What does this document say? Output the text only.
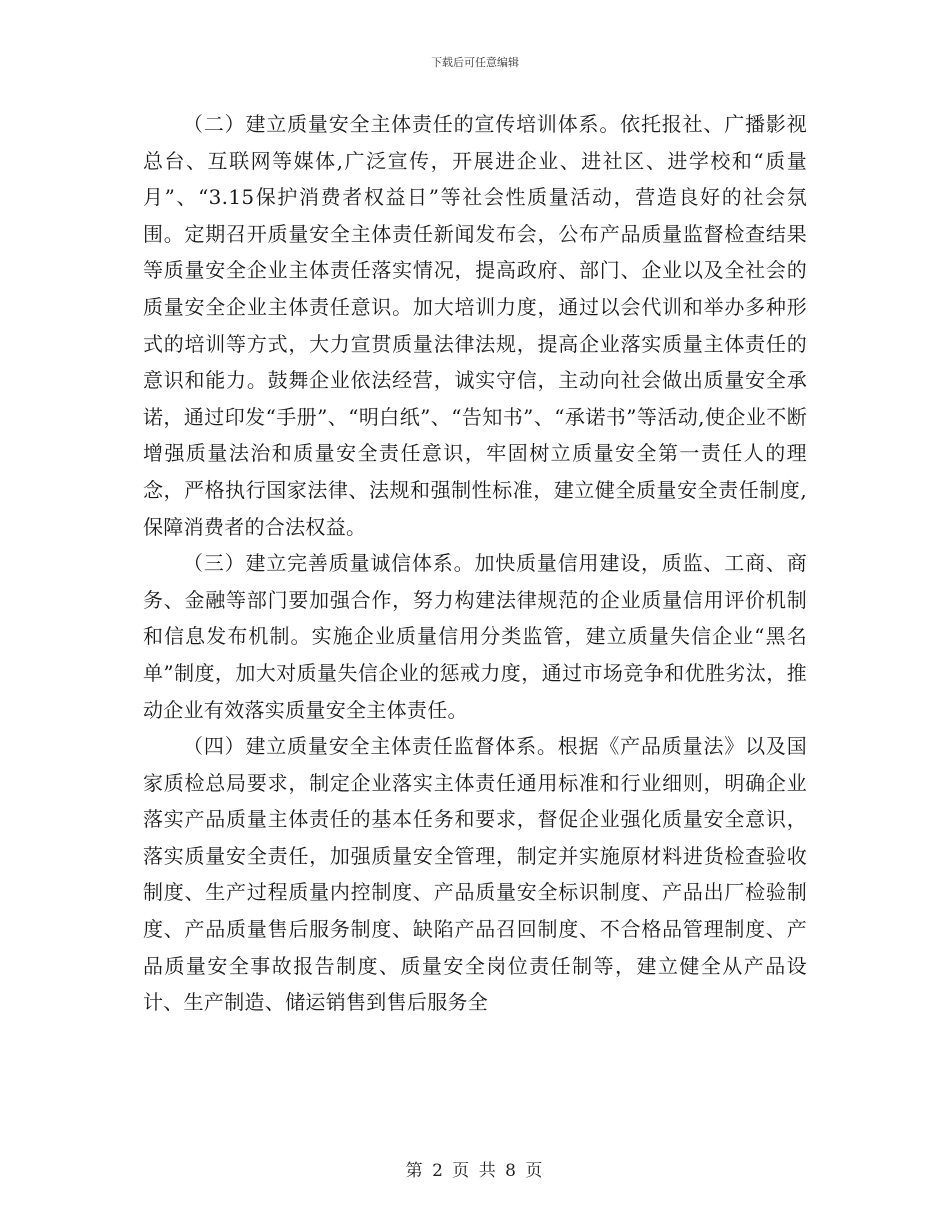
下载后可任意编辑

（二）建立质量安全主体责任的宣传培训体系。依托报社、广播影视总台、互联网等媒体,广泛宣传，开展进企业、进社区、进学校和“质量月”、“3.15保护消费者权益日”等社会性质量活动，营造良好的社会氛围。定期召开质量安全主体责任新闻发布会，公布产品质量监督检查结果等质量安全企业主体责任落实情况，提高政府、部门、企业以及全社会的质量安全企业主体责任意识。加大培训力度，通过以会代训和举办多种形式的培训等方式，大力宣贯质量法律法规，提高企业落实质量主体责任的意识和能力。鼓舞企业依法经营，诚实守信，主动向社会做出质量安全承诺，通过印发“手册”、“明白纸”、“告知书”、“承诺书”等活动,使企业不断增强质量法治和质量安全责任意识，牢固树立质量安全第一责任人的理念，严格执行国家法律、法规和强制性标准，建立健全质量安全责任制度,保障消费者的合法权益。

（三）建立完善质量诚信体系。加快质量信用建设，质监、工商、商务、金融等部门要加强合作，努力构建法律规范的企业质量信用评价机制和信息发布机制。实施企业质量信用分类监管，建立质量失信企业“黑名单”制度，加大对质量失信企业的惩戒力度，通过市场竞争和优胜劣汰，推动企业有效落实质量安全主体责任。

（四）建立质量安全主体责任监督体系。根据《产品质量法》以及国家质检总局要求，制定企业落实主体责任通用标准和行业细则，明确企业落实产品质量主体责任的基本任务和要求，督促企业强化质量安全意识，落实质量安全责任，加强质量安全管理，制定并实施原材料进货检查验收制度、生产过程质量内控制度、产品质量安全标识制度、产品出厂检验制度、产品质量售后服务制度、缺陷产品召回制度、不合格品管理制度、产品质量安全事故报告制度、质量安全岗位责任制等，建立健全从产品设计、生产制造、储运销售到售后服务全

第 2 页 共 8 页
